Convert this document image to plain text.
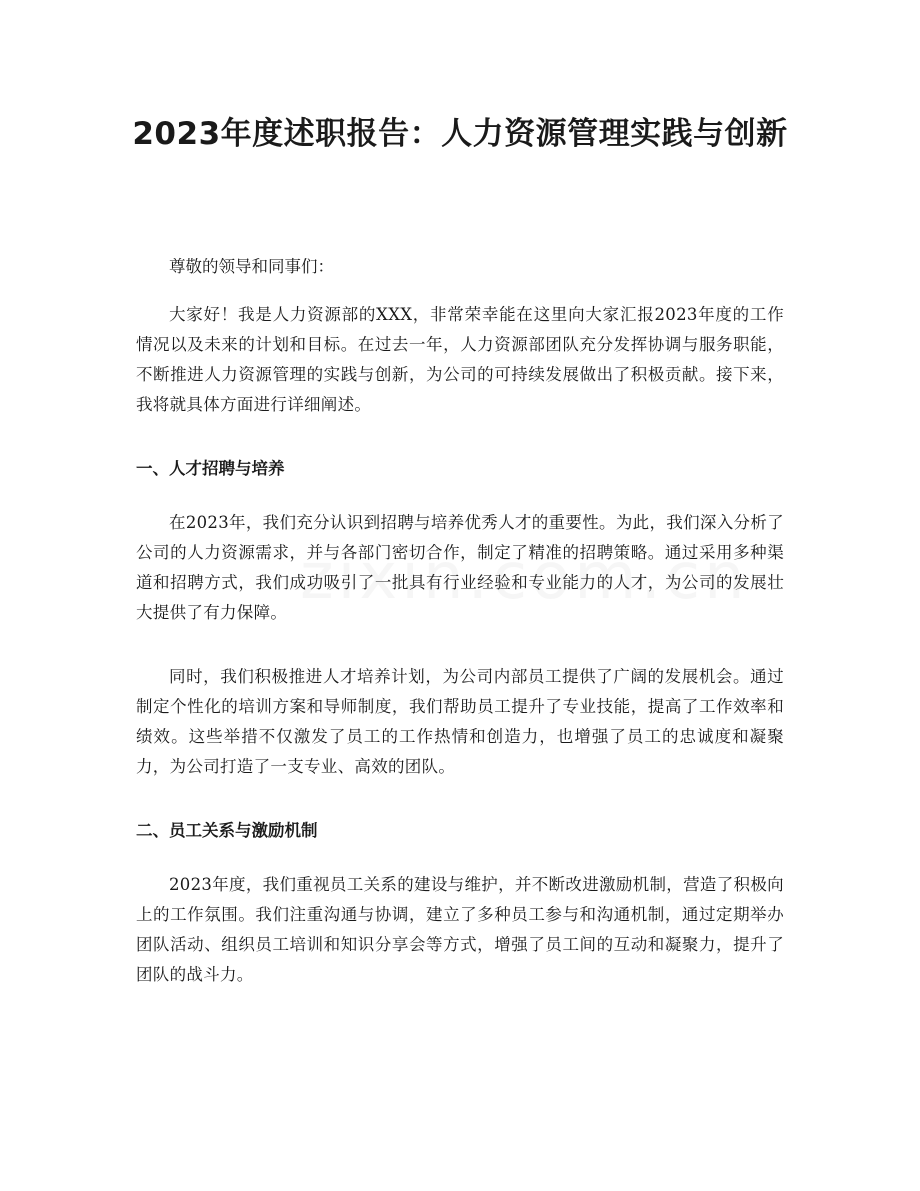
2023年度述职报告：人力资源管理实践与创新

尊敬的领导和同事们：

大家好！我是人力资源部的XXX，非常荣幸能在这里向大家汇报2023年度的工作情况以及未来的计划和目标。在过去一年，人力资源部团队充分发挥协调与服务职能，不断推进人力资源管理的实践与创新，为公司的可持续发展做出了积极贡献。接下来，我将就具体方面进行详细阐述。

一、人才招聘与培养

在2023年，我们充分认识到招聘与培养优秀人才的重要性。为此，我们深入分析了公司的人力资源需求，并与各部门密切合作，制定了精准的招聘策略。通过采用多种渠道和招聘方式，我们成功吸引了一批具有行业经验和专业能力的人才，为公司的发展壮大提供了有力保障。

同时，我们积极推进人才培养计划，为公司内部员工提供了广阔的发展机会。通过制定个性化的培训方案和导师制度，我们帮助员工提升了专业技能，提高了工作效率和绩效。这些举措不仅激发了员工的工作热情和创造力，也增强了员工的忠诚度和凝聚力，为公司打造了一支专业、高效的团队。

二、员工关系与激励机制

2023年度，我们重视员工关系的建设与维护，并不断改进激励机制，营造了积极向上的工作氛围。我们注重沟通与协调，建立了多种员工参与和沟通机制，通过定期举办团队活动、组织员工培训和知识分享会等方式，增强了员工间的互动和凝聚力，提升了团队的战斗力。
